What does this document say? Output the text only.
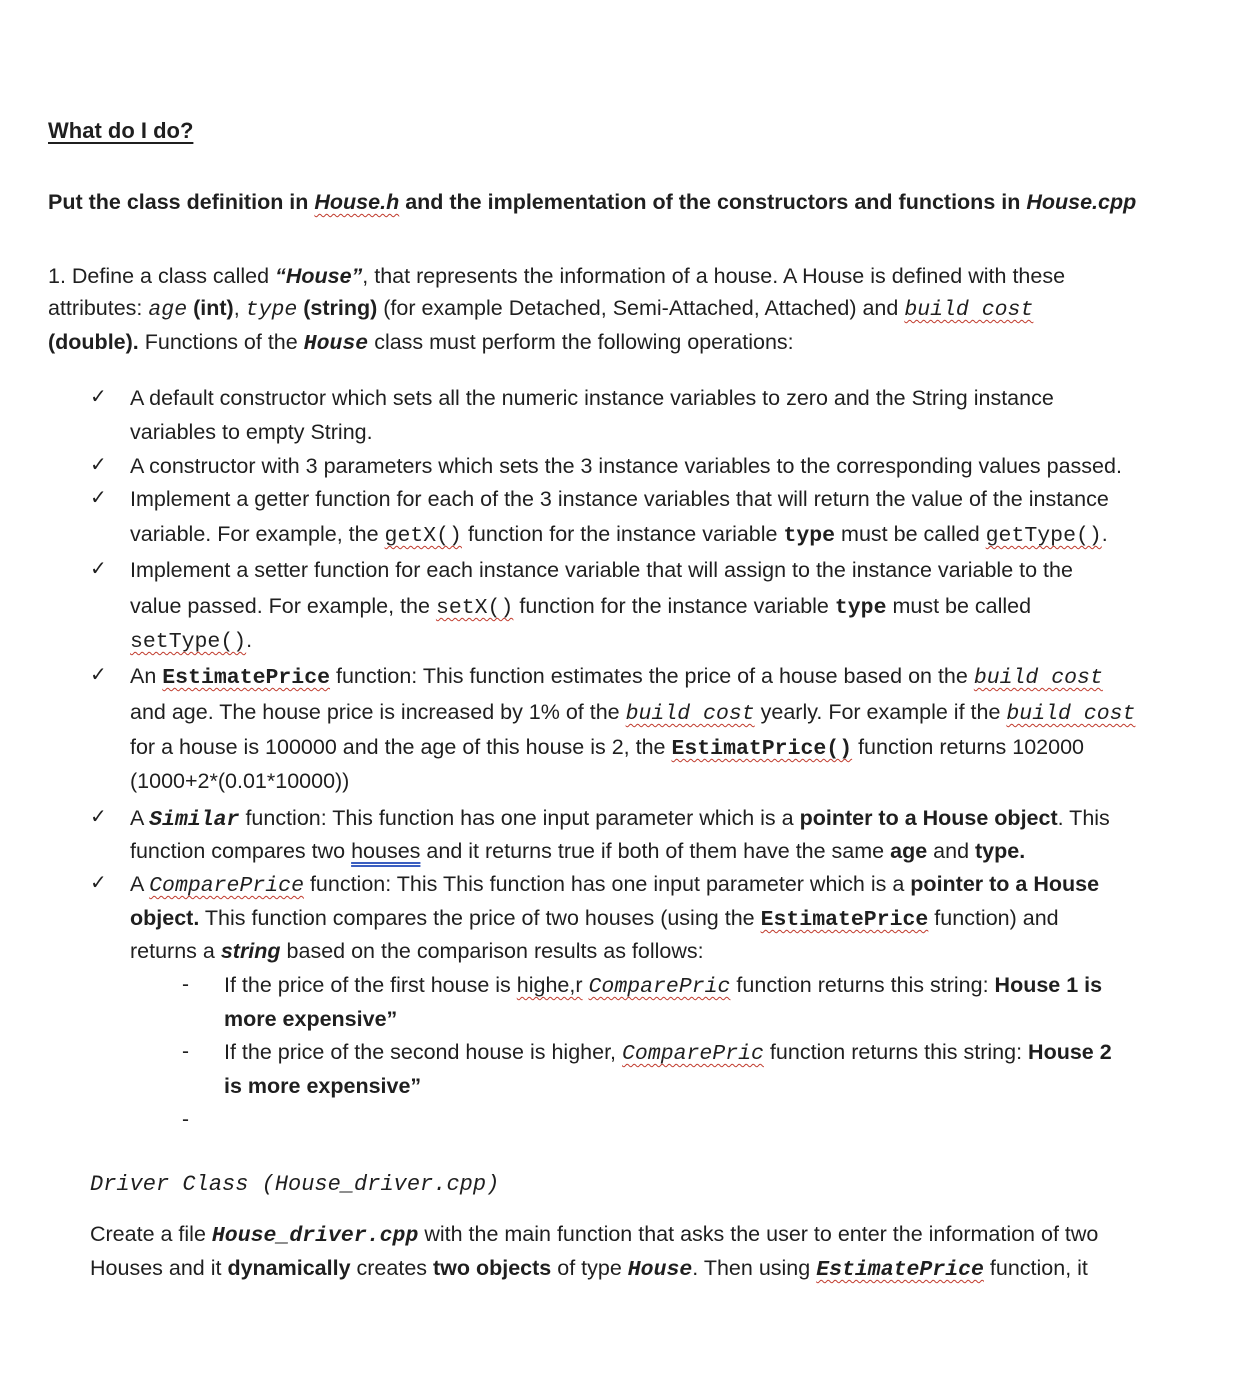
What do I do?
Put the class definition in House.h and the implementation of the constructors and functions in House.cpp
1. Define a class called “House”, that represents the information of a house. A House is defined with these
attributes: age (int), type (string) (for example Detached, Semi-Attached, Attached) and build cost
(double). Functions of the House class must perform the following operations:
✓ A default constructor which sets all the numeric instance variables to zero and the String instance
variables to empty String.
✓ A constructor with 3 parameters which sets the 3 instance variables to the corresponding values passed.
✓ Implement a getter function for each of the 3 instance variables that will return the value of the instance
variable. For example, the getX() function for the instance variable type must be called getType().
✓ Implement a setter function for each instance variable that will assign to the instance variable to the
value passed. For example, the setX() function for the instance variable type must be called
setType().
✓ An EstimatePrice function: This function estimates the price of a house based on the build cost
and age. The house price is increased by 1% of the build cost yearly. For example if the build cost
for a house is 100000 and the age of this house is 2, the EstimatPrice() function returns 102000
(1000+2*(0.01*10000))
✓ A Similar function: This function has one input parameter which is a pointer to a House object. This
function compares two houses and it returns true if both of them have the same age and type.
✓ A ComparePrice function: This This function has one input parameter which is a pointer to a House
object. This function compares the price of two houses (using the EstimatePrice function) and
returns a string based on the comparison results as follows:
- If the price of the first house is highe,r ComparePric function returns this string: House 1 is
more expensive”
- If the price of the second house is higher, ComparePric function returns this string: House 2
is more expensive”
-
Driver Class (House_driver.cpp)
Create a file House_driver.cpp with the main function that asks the user to enter the information of two
Houses and it dynamically creates two objects of type House. Then using EstimatePrice function, it
